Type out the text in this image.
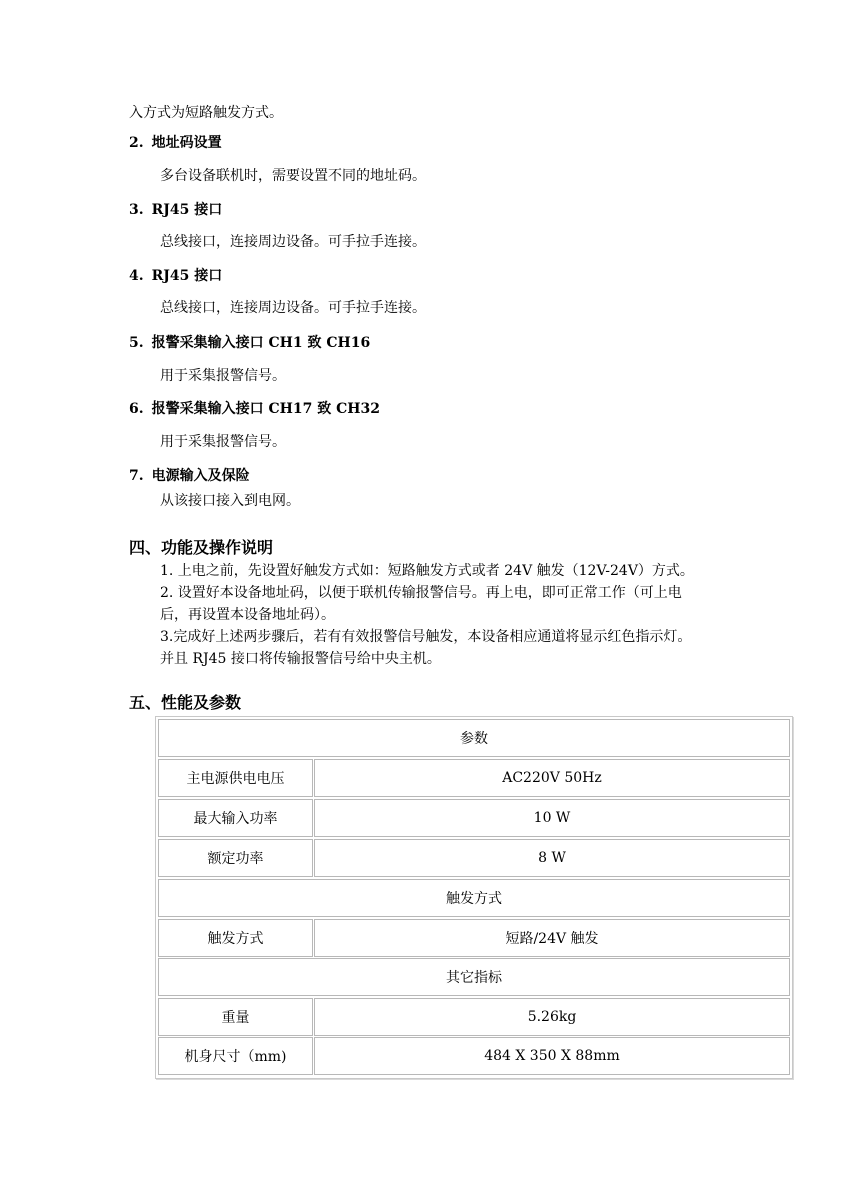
入方式为短路触发方式。
2. 地址码设置
多台设备联机时，需要设置不同的地址码。
3. RJ45 接口
总线接口，连接周边设备。可手拉手连接。
4. RJ45 接口
总线接口，连接周边设备。可手拉手连接。
5. 报警采集输入接口 CH1 致 CH16
用于采集报警信号。
6. 报警采集输入接口 CH17 致 CH32
用于采集报警信号。
7. 电源输入及保险
从该接口接入到电网。
四、功能及操作说明
1. 上电之前，先设置好触发方式如：短路触发方式或者 24V 触发（12V-24V）方式。
2. 设置好本设备地址码，以便于联机传输报警信号。再上电，即可正常工作（可上电
后，再设置本设备地址码）。
3.完成好上述两步骤后，若有有效报警信号触发，本设备相应通道将显示红色指示灯。
并且 RJ45 接口将传输报警信号给中央主机。
五、性能及参数
参数
主电源供电电压	AC220V 50Hz
最大输入功率	10 W
额定功率	8 W
触发方式
触发方式	短路/24V 触发
其它指标
重量	5.26kg
机身尺寸（mm)	484 X 350 X 88mm
